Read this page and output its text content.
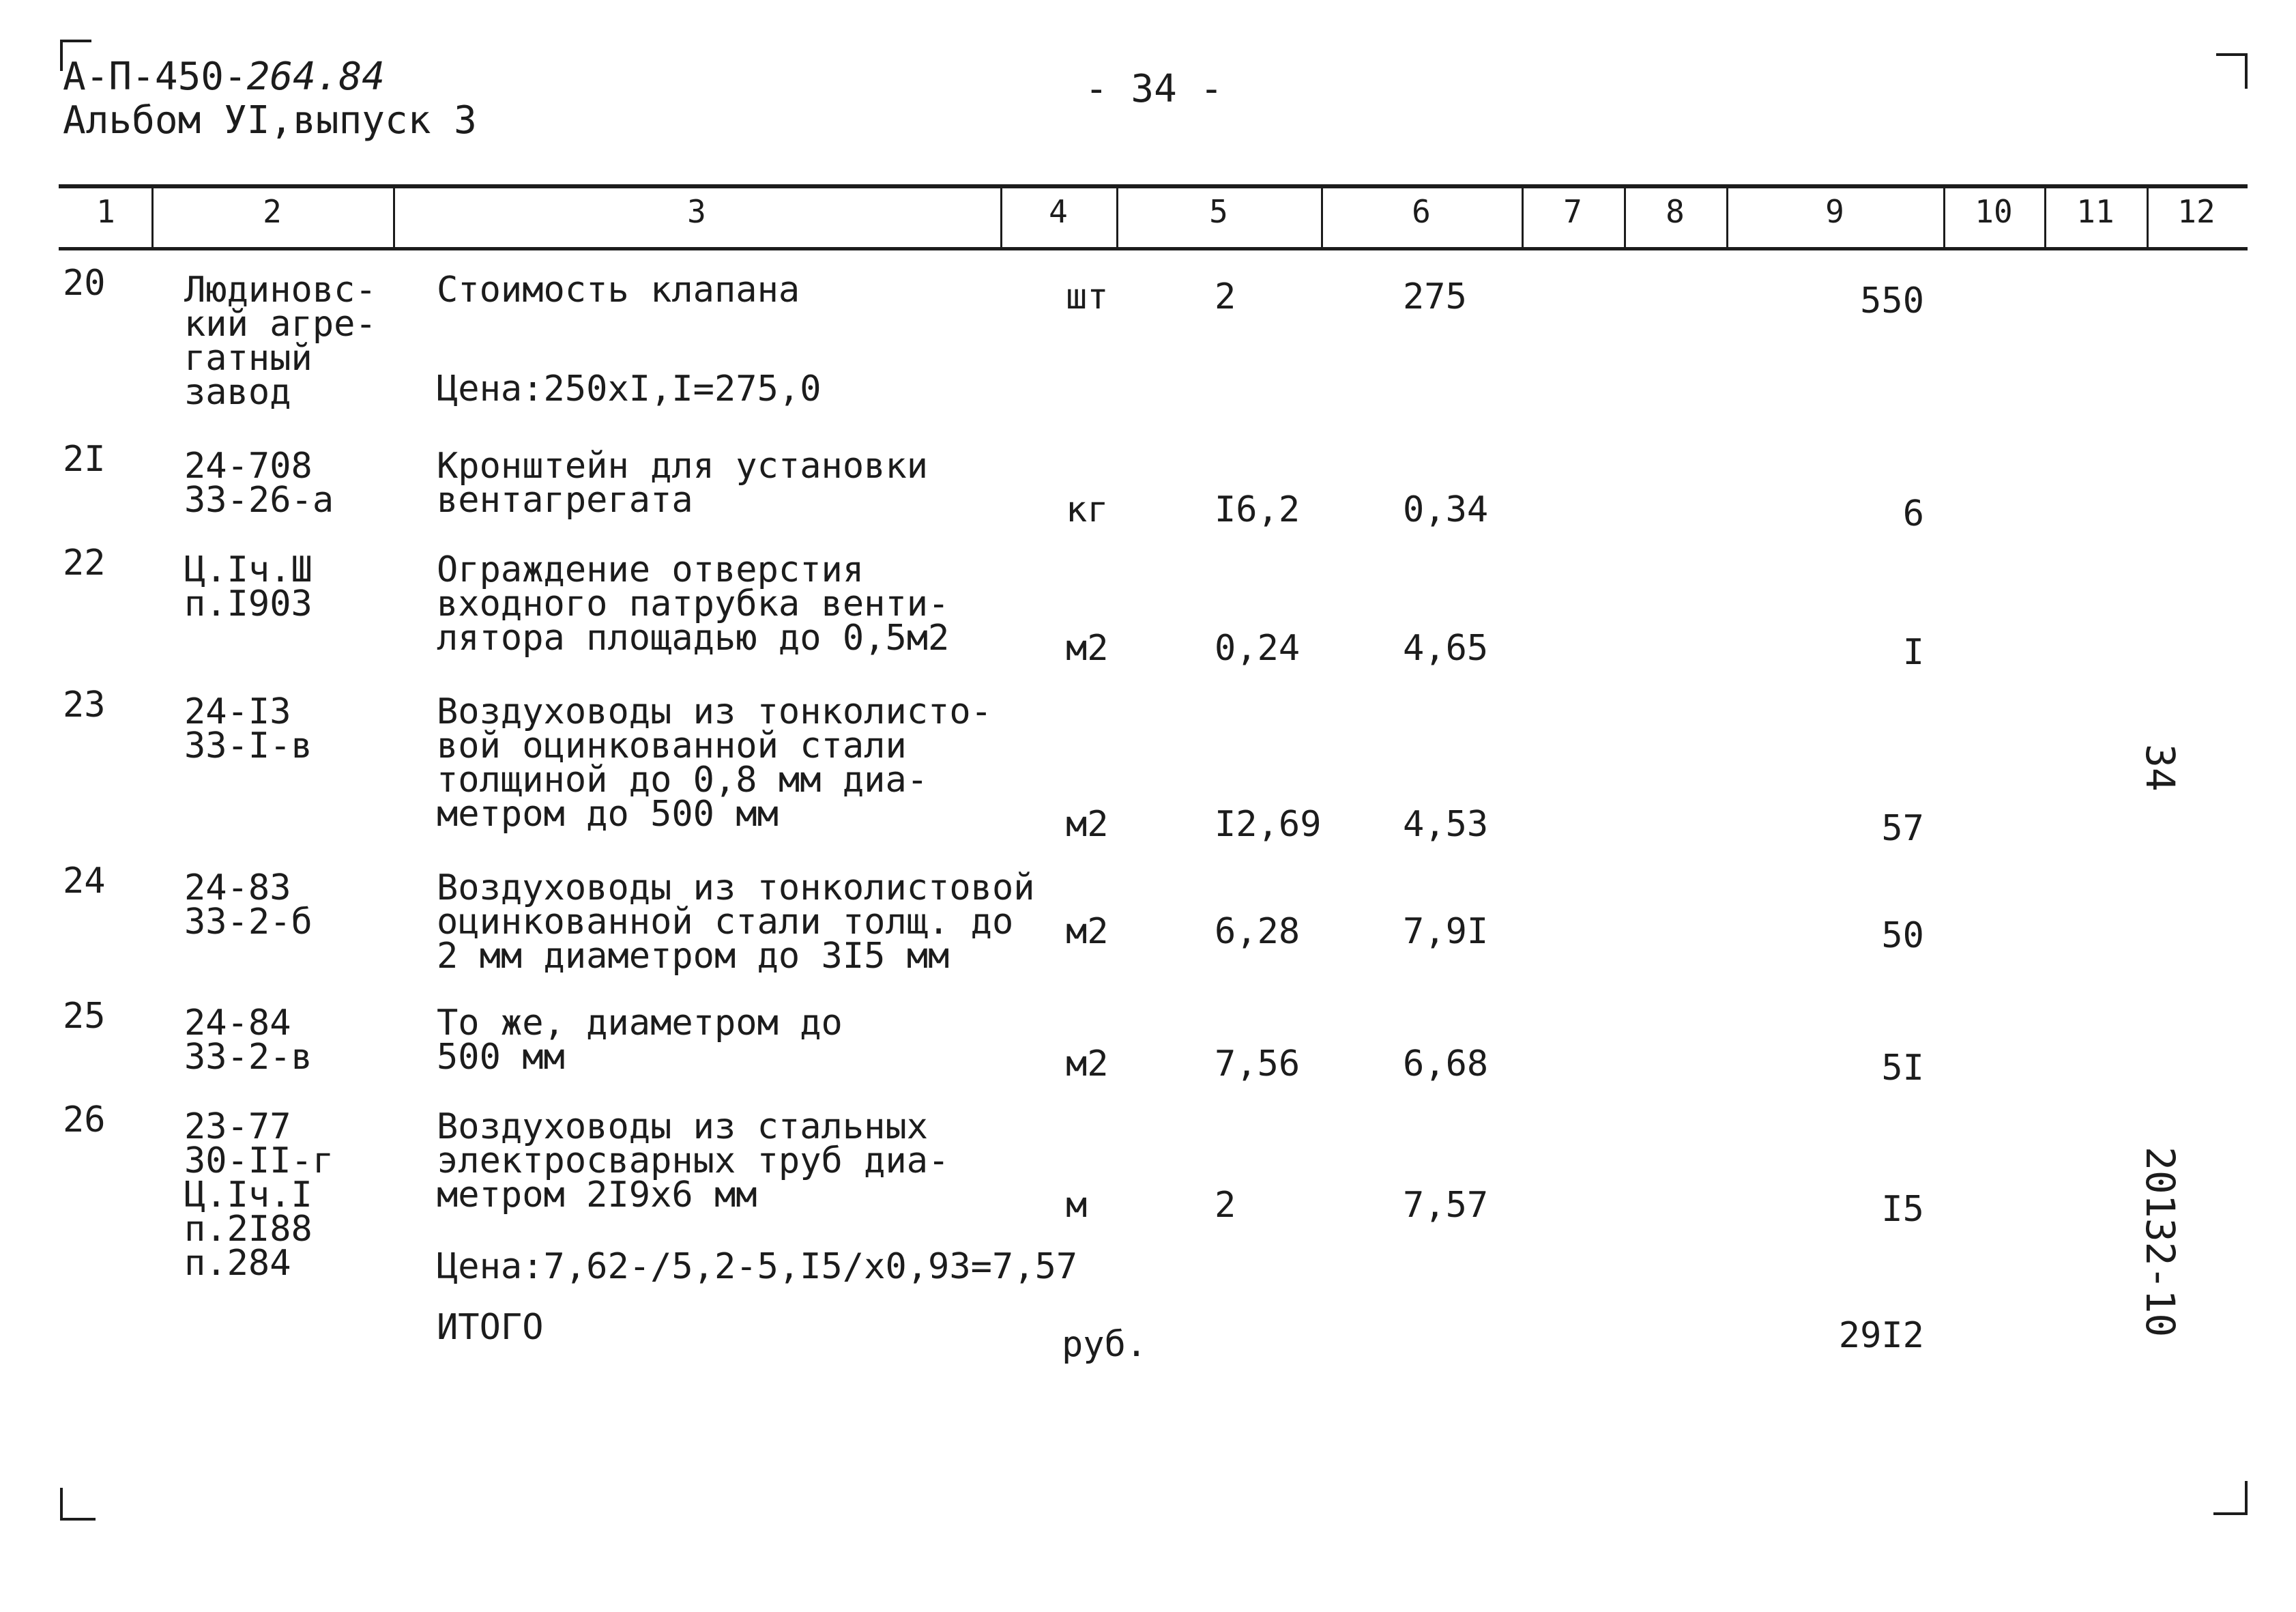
А-П-450-264.84
Альбом УI,выпуск 3
- 34 -
1	2	3	4	5	6	7	8	9	10	11	12
20 Людиновс-
кий агре-
гатный
завод
Стоимость клапана
Цена:250хI,I=275,0
шт	2	275	550
2I 24-708
33-26-а
Кронштейн для установки
вентагрегата	кг	I6,2	0,34	6
22 Ц.Iч.Ш
п.I903
Ограждение отверстия
входного патрубка венти-
лятора площадью до 0,5м2	м2	0,24	4,65	I
23 24-I3
33-I-в
Воздуховоды из тонколисто-
вой оцинкованной стали
толщиной до 0,8 мм диа-
метром до 500 мм	м2	I2,69 4,53	57
24 24-83
33-2-б
Воздуховоды из тонколистовой
оцинкованной стали толщ. до
2 мм диаметром до 3I5 мм
м2	6,28	7,9I	50
25 24-84
33-2-в
То же, диаметром до
500 мм	м2	7,56	6,68	5I
26 23-77
30-II-г
Ц.Iч.I
п.2I88
п.284
Воздуховоды из стальных
электросварных труб диа-
метром 2I9х6 мм
Цена:7,62-/5,2-5,I5/х0,93=7,57
м	2	7,57	I5
ИТОГО	руб.	29I2
34
20132-10
